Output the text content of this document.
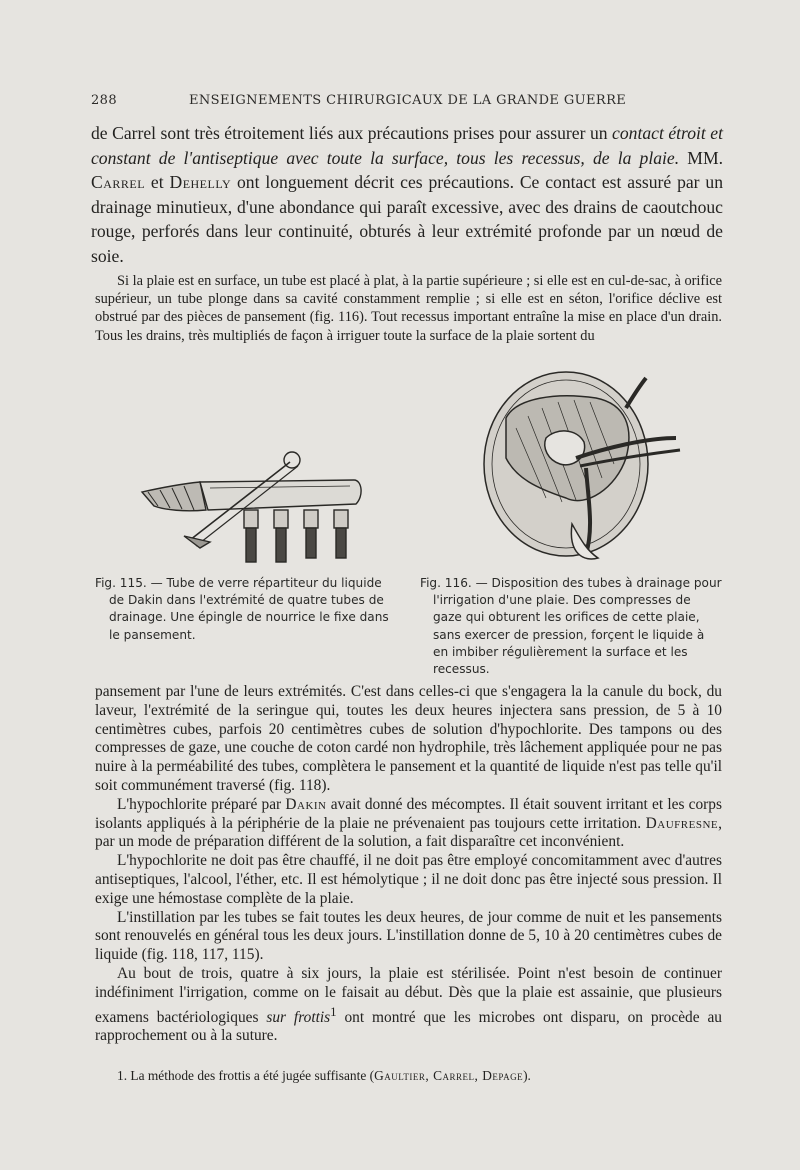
288	ENSEIGNEMENTS CHIRURGICAUX DE LA GRANDE GUERRE
de Carrel sont très étroitement liés aux précautions prises pour assurer un contact étroit et constant de l'antiseptique avec toute la surface, tous les recessus, de la plaie. MM. Carrel et Dehelly ont longuement décrit ces précautions. Ce contact est assuré par un drainage minutieux, d'une abondance qui paraît excessive, avec des drains de caoutchouc rouge, perforés dans leur continuité, obturés à leur extrémité profonde par un nœud de soie.
Si la plaie est en surface, un tube est placé à plat, à la partie supérieure ; si elle est en cul-de-sac, à orifice supérieur, un tube plonge dans sa cavité constamment remplie ; si elle est en séton, l'orifice déclive est obstrué par des pièces de pansement (fig. 116). Tout recessus important entraîne la mise en place d'un drain. Tous les drains, très multipliés de façon à irriguer toute la surface de la plaie sortent du
Fig. 115. — Tube de verre répartiteur du liquide de Dakin dans l'extrémité de quatre tubes de drainage. Une épingle de nourrice le fixe dans le pansement.
Fig. 116. — Disposition des tubes à drainage pour l'irrigation d'une plaie. Des compresses de gaze qui obturent les orifices de cette plaie, sans exercer de pression, forçent le liquide à en imbiber régulièrement la surface et les recessus.

pansement par l'une de leurs extrémités. C'est dans celles-ci que s'engagera la la canule du bock, du laveur, l'extrémité de la seringue qui, toutes les deux heures injectera sans pression, de 5 à 10 centimètres cubes, parfois 20 centimètres cubes de solution d'hypochlorite. Des tampons ou des compresses de gaze, une couche de coton cardé non hydrophile, très lâchement appliquée pour ne pas nuire à la perméabilité des tubes, complètera le pansement et la quantité de liquide n'est pas telle qu'il soit communément traversé (fig. 118).

L'hypochlorite préparé par Dakin avait donné des mécomptes. Il était souvent irritant et les corps isolants appliqués à la périphérie de la plaie ne prévenaient pas toujours cette irritation. Daufresne, par un mode de préparation différent de la solution, a fait disparaître cet inconvénient.

L'hypochlorite ne doit pas être chauffé, il ne doit pas être employé concomitamment avec d'autres antiseptiques, l'alcool, l'éther, etc. Il est hémolytique ; il ne doit donc pas être injecté sous pression. Il exige une hémostase complète de la plaie.

L'instillation par les tubes se fait toutes les deux heures, de jour comme de nuit et les pansements sont renouvelés en général tous les deux jours. L'instillation donne de 5, 10 à 20 centimètres cubes de liquide (fig. 118, 117, 115).

Au bout de trois, quatre à six jours, la plaie est stérilisée. Point n'est besoin de continuer indéfiniment l'irrigation, comme on le faisait au début. Dès que la plaie est assainie, que plusieurs examens bactériologiques sur frottis$^1$ ont montré que les microbes ont disparu, on procède au rapprochement ou à la suture.

1. La méthode des frottis a été jugée suffisante (Gaultier, Carrel, Depage).
